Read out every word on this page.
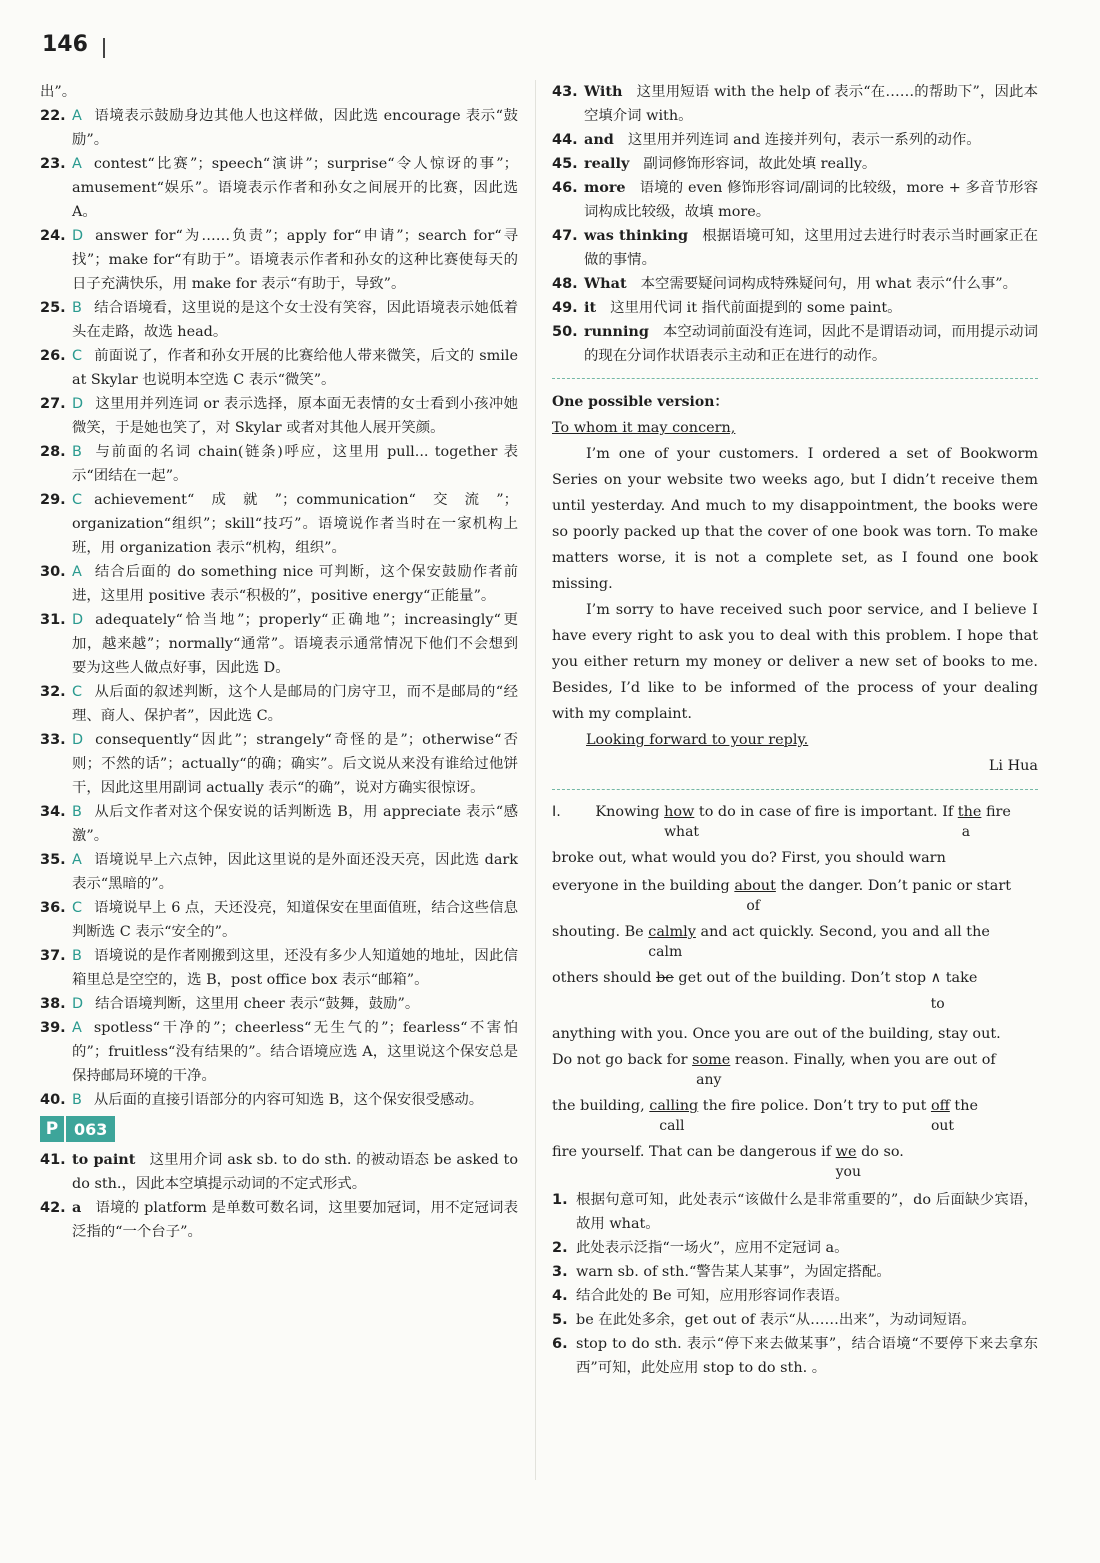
146

出”。

22. A 语境表示鼓励身边其他人也这样做，因此选 encourage 表示“鼓励”。
23. A contest“比赛”；speech“演讲”；surprise“令人惊讶的事”；amusement“娱乐”。语境表示作者和孙女之间展开的比赛，因此选 A。
24. D answer for“为……负责”；apply for“申请”；search for“寻找”；make for“有助于”。语境表示作者和孙女的这种比赛使每天的日子充满快乐，用 make for 表示“有助于，导致”。
25. B 结合语境看，这里说的是这个女士没有笑容，因此语境表示她低着头在走路，故选 head。
26. C 前面说了，作者和孙女开展的比赛给他人带来微笑，后文的 smile at Skylar 也说明本空选 C 表示“微笑”。
27. D 这里用并列连词 or 表示选择，原本面无表情的女士看到小孩冲她微笑，于是她也笑了，对 Skylar 或者对其他人展开笑颜。
28. B 与前面的名词 chain(链条)呼应，这里用 pull... together 表示“团结在一起”。
29. C achievement“成就”；communication“交流”；organization“组织”；skill“技巧”。语境说作者当时在一家机构上班，用 organization 表示“机构，组织”。
30. A 结合后面的 do something nice 可判断，这个保安鼓励作者前进，这里用 positive 表示“积极的”，positive energy“正能量”。
31. D adequately“恰当地”；properly“正确地”；increasingly“更加，越来越”；normally“通常”。语境表示通常情况下他们不会想到要为这些人做点好事，因此选 D。
32. C 从后面的叙述判断，这个人是邮局的门房守卫，而不是邮局的“经理、商人、保护者”，因此选 C。
33. D consequently“因此”；strangely“奇怪的是”；otherwise“否则；不然的话”；actually“的确；确实”。后文说从来没有谁给过他饼干，因此这里用副词 actually 表示“的确”，说对方确实很惊讶。
34. B 从后文作者对这个保安说的话判断选 B，用 appreciate 表示“感激”。
35. A 语境说早上六点钟，因此这里说的是外面还没天亮，因此选 dark 表示“黑暗的”。
36. C 语境说早上 6 点，天还没亮，知道保安在里面值班，结合这些信息判断选 C 表示“安全的”。
37. B 语境说的是作者刚搬到这里，还没有多少人知道她的地址，因此信箱里总是空空的，选 B，post office box 表示“邮箱”。
38. D 结合语境判断，这里用 cheer 表示“鼓舞，鼓励”。
39. A spotless“干净的”；cheerless“无生气的”；fearless“不害怕的”；fruitless“没有结果的”。结合语境应选 A，这里说这个保安总是保持邮局环境的干净。
40. B 从后面的直接引语部分的内容可知选 B，这个保安很受感动。
P 063
41. to paint 这里用介词 ask sb. to do sth. 的被动语态 be asked to do sth.，因此本空填提示动词的不定式形式。
42. a 语境的 platform 是单数可数名词，这里要加冠词，用不定冠词表泛指的“一个台子”。
43. With 这里用短语 with the help of 表示“在……的帮助下”，因此本空填介词 with。
44. and 这里用并列连词 and 连接并列句，表示一系列的动作。
45. really 副词修饰形容词，故此处填 really。
46. more 语境的 even 修饰形容词/副词的比较级，more + 多音节形容词构成比较级，故填 more。
47. was thinking 根据语境可知，这里用过去进行时表示当时画家正在做的事情。
48. What 本空需要疑问词构成特殊疑问句，用 what 表示“什么事”。
49. it 这里用代词 it 指代前面提到的 some paint。
50. running 本空动词前面没有连词，因此不是谓语动词，而用提示动词的现在分词作状语表示主动和正在进行的动作。
One possible version：
To whom it may concern,

I’m one of your customers. I ordered a set of Bookworm Series on your website two weeks ago, but I didn’t receive them until yesterday. And much to my disappointment, the books were so poorly packed up that the cover of one book was torn. To make matters worse, it is not a complete set, as I found one book missing.

I’m sorry to have received such poor service, and I believe I have every right to ask you to deal with this problem. I hope that you either return my money or deliver a new set of books to me. Besides, I’d like to be informed of the process of your dealing with my complaint.

Looking forward to your reply.
Li Hua

I. Knowing how
what
to do in case of fire is important. If the
a
fire

broke out, what would you do? First, you should warn

everyone in the building about
of
the danger. Don’t panic or start

shouting. Be calmly
calm
and act quickly. Second, you and all the

others should be get out of the building. Don’t stop ∧
to
take

anything with you. Once you are out of the building, stay out.

Do not go back for some
any
reason. Finally, when you are out of

the building, calling
call
the fire police. Don’t try to put off
out
the

fire yourself. That can be dangerous if we
you
do so.

1. 根据句意可知，此处表示“该做什么是非常重要的”，do 后面缺少宾语，故用 what。
2. 此处表示泛指“一场火”，应用不定冠词 a。
3. warn sb. of sth.“警告某人某事”，为固定搭配。
4. 结合此处的 Be 可知，应用形容词作表语。
5. be 在此处多余，get out of 表示“从……出来”，为动词短语。
6. stop to do sth. 表示“停下来去做某事”，结合语境“不要停下来去拿东西”可知，此处应用 stop to do sth. 。
